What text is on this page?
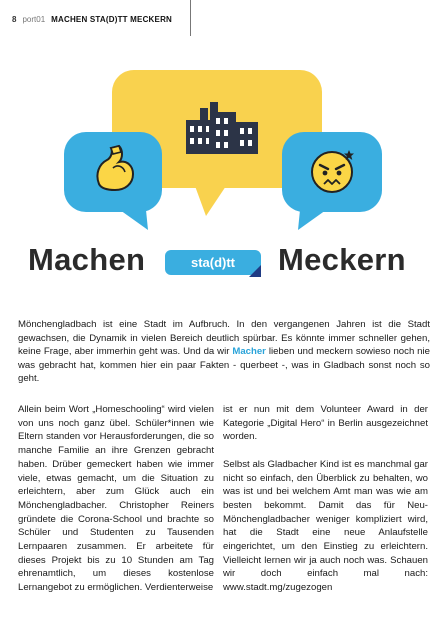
8 port01 MACHEN STA(D)TT MECKERN
Machen	sta(d)tt	Meckern

Mönchengladbach ist eine Stadt im Aufbruch. In den vergangenen Jahren ist die Stadt gewachsen, die Dynamik in vielen Bereich deutlich spürbar. Es könnte immer schneller gehen, keine Frage, aber immerhin geht was. Und da wir Macher lieben und meckern sowieso noch nie was gebracht hat, kommen hier ein paar Fakten - querbeet -, was in Gladbach sonst noch so geht.

Allein beim Wort „Homeschooling“ wird vielen von uns noch ganz übel. Schüler*innen wie Eltern standen vor Herausforderungen, die so manche Familie an ihre Grenzen gebracht haben. Drüber gemeckert haben wie immer viele, etwas gemacht, um die Situation zu erleichtern, aber zum Glück auch ein Mönchengladbacher. Christopher Reiners gründete die Corona-School und brachte so Schüler und Studenten zu Tausenden Lernpaaren zusammen. Er arbeitete für dieses Projekt bis zu 10 Stunden am Tag ehrenamtlich, um dieses kostenlose Lernangebot zu ermöglichen. Verdienterweise

ist er nun mit dem Volunteer Award in der Kategorie „Digital Hero“ in Berlin ausgezeichnet worden.

Selbst als Gladbacher Kind ist es manchmal gar nicht so einfach, den Überblick zu behalten, wo was ist und bei welchem Amt man was wie am besten bekommt. Damit das für Neu-Mönchengladbacher weniger kompliziert wird, hat die Stadt eine neue Anlaufstelle eingerichtet, um den Einstieg zu erleichtern. Vielleicht lernen wir ja auch noch was. Schauen wir doch einfach mal nach: www.stadt.mg/zugezogen
